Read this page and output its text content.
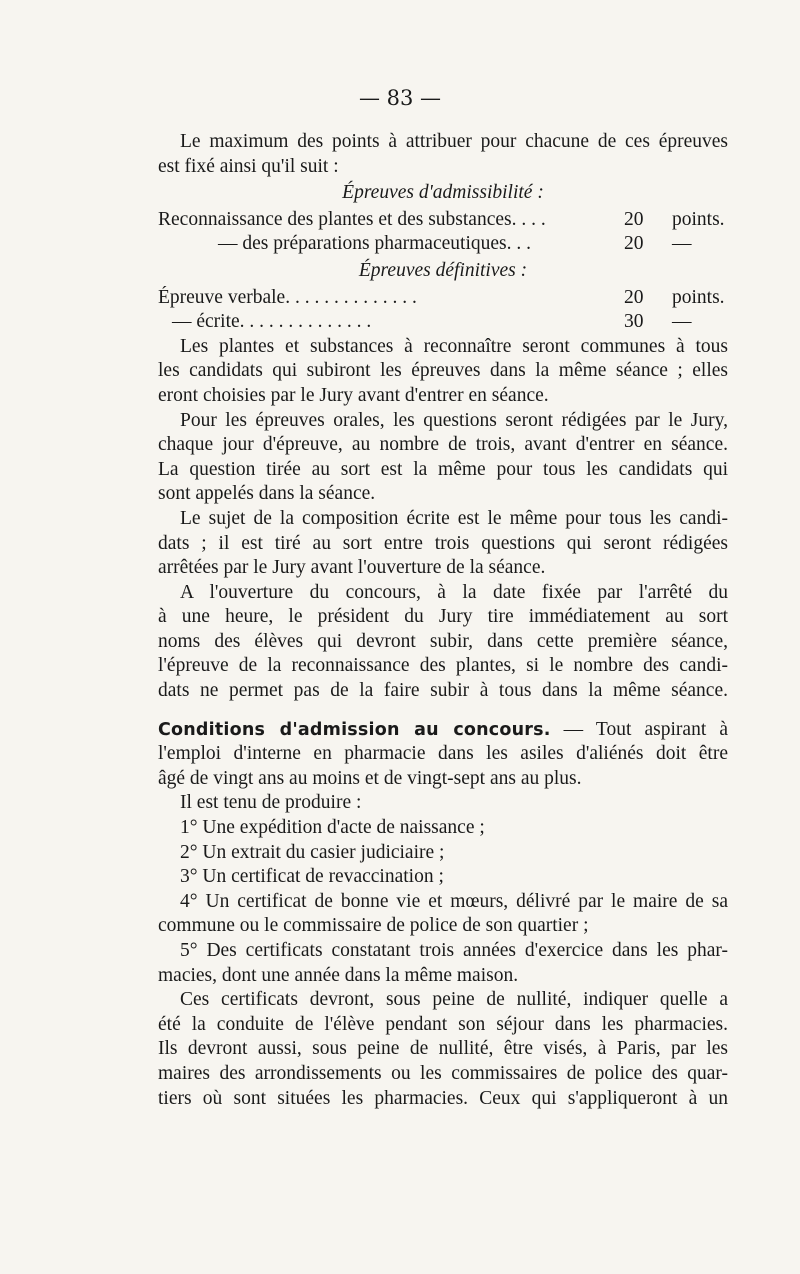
— 83 —
Le maximum des points à attribuer pour chacune de ces épreuves
est fixé ainsi qu'il suit :
Épreuves d'admissibilité :
Reconnaissance des plantes et des substances. . . .	20	points.
— des préparations pharmaceutiques. . .	20	—
Épreuves définitives :
Épreuve verbale. . . . . . . . . . . . . .	20	points.
— écrite. . . . . . . . . . . . . .	30	—
Les plantes et substances à reconnaître seront communes à tous
les candidats qui subiront les épreuves dans la même séance ; elles
eront choisies par le Jury avant d'entrer en séance.
Pour les épreuves orales, les questions seront rédigées par le Jury,
chaque jour d'épreuve, au nombre de trois, avant d'entrer en séance.
La question tirée au sort est la même pour tous les candidats qui
sont appelés dans la séance.
Le sujet de la composition écrite est le même pour tous les candi-
dats ; il est tiré au sort entre trois questions qui seront rédigées
arrêtées par le Jury avant l'ouverture de la séance.
A l'ouverture du concours, à la date fixée par l'arrêté du
à une heure, le président du Jury tire immédiatement au sort
noms des élèves qui devront subir, dans cette première séance,
l'épreuve de la reconnaissance des plantes, si le nombre des candi-
dats ne permet pas de la faire subir à tous dans la même séance.
Conditions d'admission au concours. — Tout aspirant à
l'emploi d'interne en pharmacie dans les asiles d'aliénés doit être
âgé de vingt ans au moins et de vingt-sept ans au plus.
Il est tenu de produire :
1° Une expédition d'acte de naissance ;
2° Un extrait du casier judiciaire ;
3° Un certificat de revaccination ;
4° Un certificat de bonne vie et mœurs, délivré par le maire de sa
commune ou le commissaire de police de son quartier ;
5° Des certificats constatant trois années d'exercice dans les phar-
macies, dont une année dans la même maison.
Ces certificats devront, sous peine de nullité, indiquer quelle a
été la conduite de l'élève pendant son séjour dans les pharmacies.
Ils devront aussi, sous peine de nullité, être visés, à Paris, par les
maires des arrondissements ou les commissaires de police des quar-
tiers où sont situées les pharmacies. Ceux qui s'appliqueront à un
